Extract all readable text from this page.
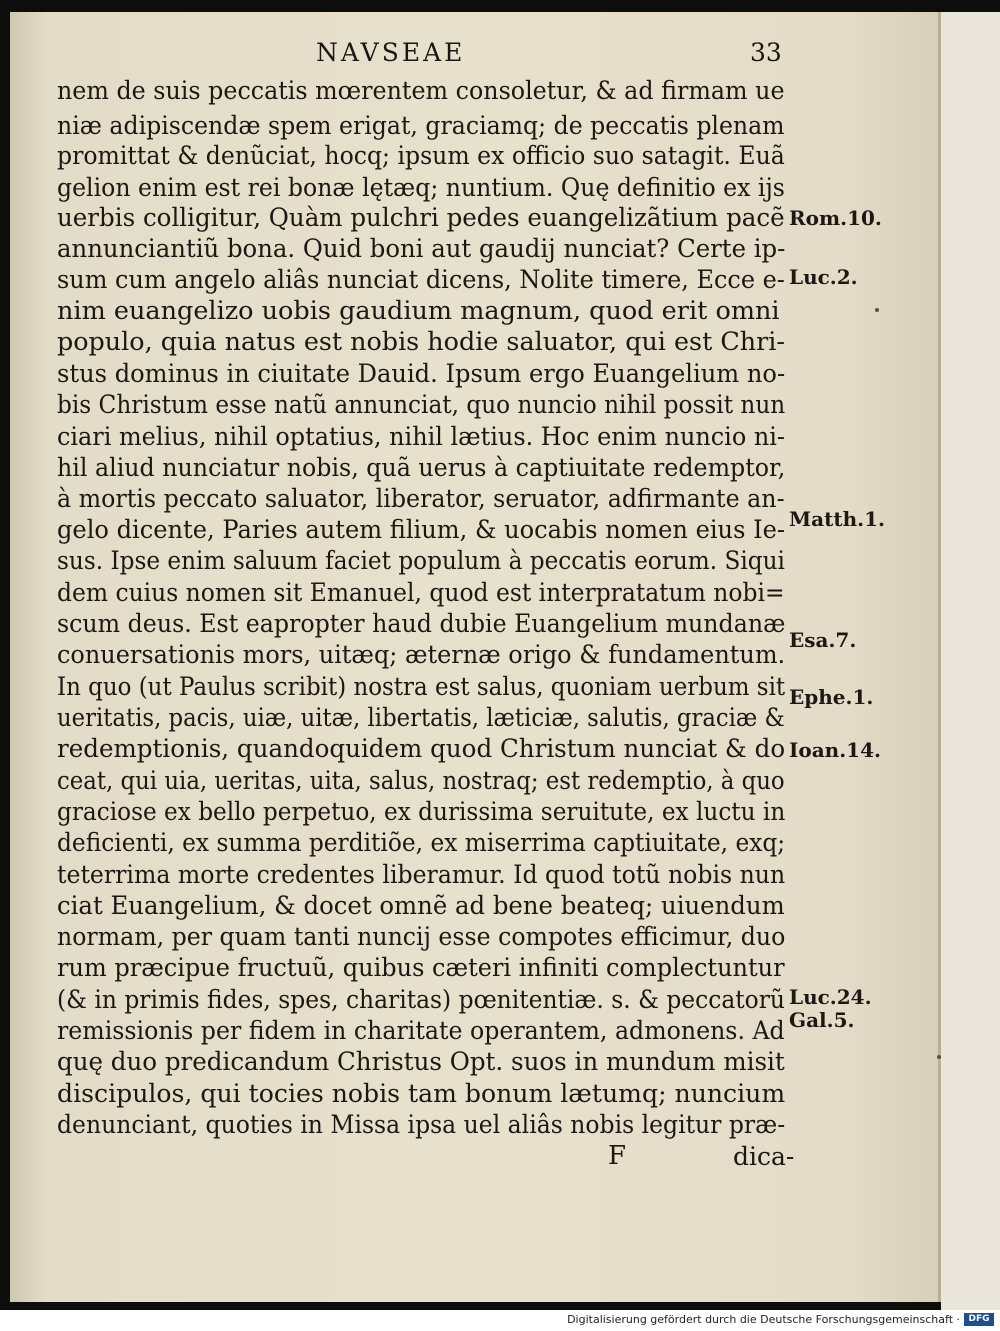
NAVSEAE	33
nem de suis peccatis mœrentem consoletur, & ad firmam ue
niæ adipiscendæ spem erigat, graciamq; de peccatis plenam
promittat & denũciat, hocq; ipsum ex officio suo satagit. Euã
gelion enim est rei bonæ lętæq; nuntium. Quę definitio ex ijs
uerbis colligitur, Quàm pulchri pedes euangelizãtium pacẽ
annunciantiũ bona. Quid boni aut gaudij nunciat? Certe ip-
sum cum angelo aliâs nunciat dicens, Nolite timere, Ecce e-
nim euangelizo uobis gaudium magnum, quod erit omni
populo, quia natus est nobis hodie saluator, qui est Chri-
stus dominus in ciuitate Dauid. Ipsum ergo Euangelium no-
bis Christum esse natũ annunciat, quo nuncio nihil possit nun
ciari melius, nihil optatius, nihil lætius. Hoc enim nuncio ni-
hil aliud nunciatur nobis, quã uerus à captiuitate redemptor,
à mortis peccato saluator, liberator, seruator, adfirmante an-
gelo dicente, Paries autem filium, & uocabis nomen eius Ie-
sus. Ipse enim saluum faciet populum à peccatis eorum. Siqui
dem cuius nomen sit Emanuel, quod est interpratatum nobi=
scum deus. Est eapropter haud dubie Euangelium mundanæ
conuersationis mors, uitæq; æternæ origo & fundamentum.
In quo (ut Paulus scribit) nostra est salus, quoniam uerbum sit
ueritatis, pacis, uiæ, uitæ, libertatis, læticiæ, salutis, graciæ &
redemptionis, quandoquidem quod Christum nunciat & do
ceat, qui uia, ueritas, uita, salus, nostraq; est redemptio, à quo
graciose ex bello perpetuo, ex durissima seruitute, ex luctu in
deficienti, ex summa perditiõe, ex miserrima captiuitate, exq;
teterrima morte credentes liberamur. Id quod totũ nobis nun
ciat Euangelium, & docet omnẽ ad bene beateq; uiuendum
normam, per quam tanti nuncij esse compotes efficimur, duo
rum præcipue fructuũ, quibus cæteri infiniti complectuntur
(& in primis fides, spes, charitas) pœnitentiæ. s. & peccatorũ
remissionis per fidem in charitate operantem, admonens. Ad
quę duo predicandum Christus Opt. suos in mundum misit
discipulos, qui tocies nobis tam bonum lætumq; nuncium
denunciant, quoties in Missa ipsa uel aliâs nobis legitur præ-
Rom.10.
Luc.2.
Matth.1.
Esa.7.
Ephe.1.
Ioan.14.
Luc.24.
Gal.5.
F	dica-
Digitalisierung gefördert durch die Deutsche Forschungsgemeinschaft · DFG
